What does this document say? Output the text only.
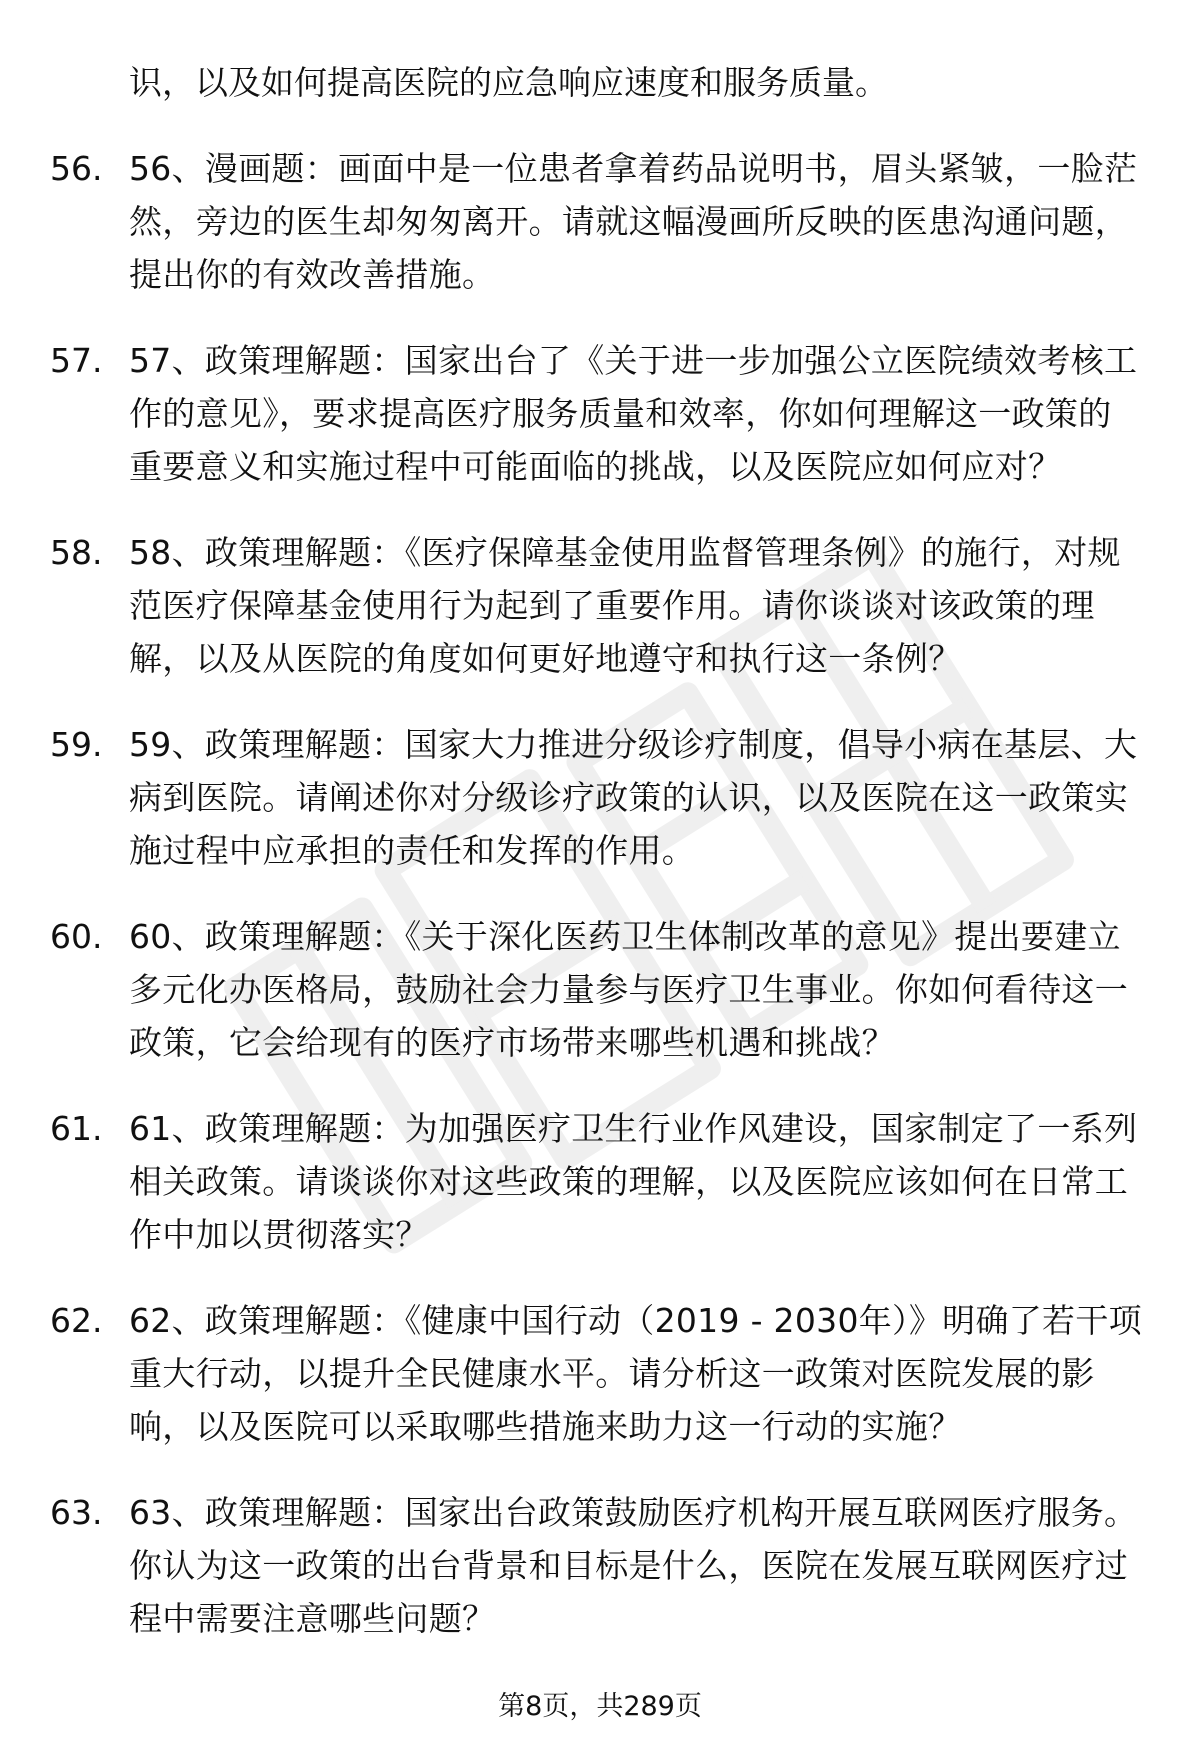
识，以及如何提高医院的应急响应速度和服务质量。
56. 56、漫画题：画面中是一位患者拿着药品说明书，眉头紧皱，一脸茫然，旁边的医生却匆匆离开。请就这幅漫画所反映的医患沟通问题，提出你的有效改善措施。
57. 57、政策理解题：国家出台了《关于进一步加强公立医院绩效考核工作的意见》，要求提高医疗服务质量和效率，你如何理解这一政策的重要意义和实施过程中可能面临的挑战，以及医院应如何应对？
58. 58、政策理解题：《医疗保障基金使用监督管理条例》的施行，对规范医疗保障基金使用行为起到了重要作用。请你谈谈对该政策的理解，以及从医院的角度如何更好地遵守和执行这一条例？
59. 59、政策理解题：国家大力推进分级诊疗制度，倡导小病在基层、大病到医院。请阐述你对分级诊疗政策的认识，以及医院在这一政策实施过程中应承担的责任和发挥的作用。
60. 60、政策理解题：《关于深化医药卫生体制改革的意见》提出要建立多元化办医格局，鼓励社会力量参与医疗卫生事业。你如何看待这一政策，它会给现有的医疗市场带来哪些机遇和挑战？
61. 61、政策理解题：为加强医疗卫生行业作风建设，国家制定了一系列相关政策。请谈谈你对这些政策的理解，以及医院应该如何在日常工作中加以贯彻落实？
62. 62、政策理解题：《健康中国行动（2019 - 2030年）》明确了若干项重大行动，以提升全民健康水平。请分析这一政策对医院发展的影响，以及医院可以采取哪些措施来助力这一行动的实施？
63. 63、政策理解题：国家出台政策鼓励医疗机构开展互联网医疗服务。你认为这一政策的出台背景和目标是什么，医院在发展互联网医疗过程中需要注意哪些问题？
第8页，共289页
